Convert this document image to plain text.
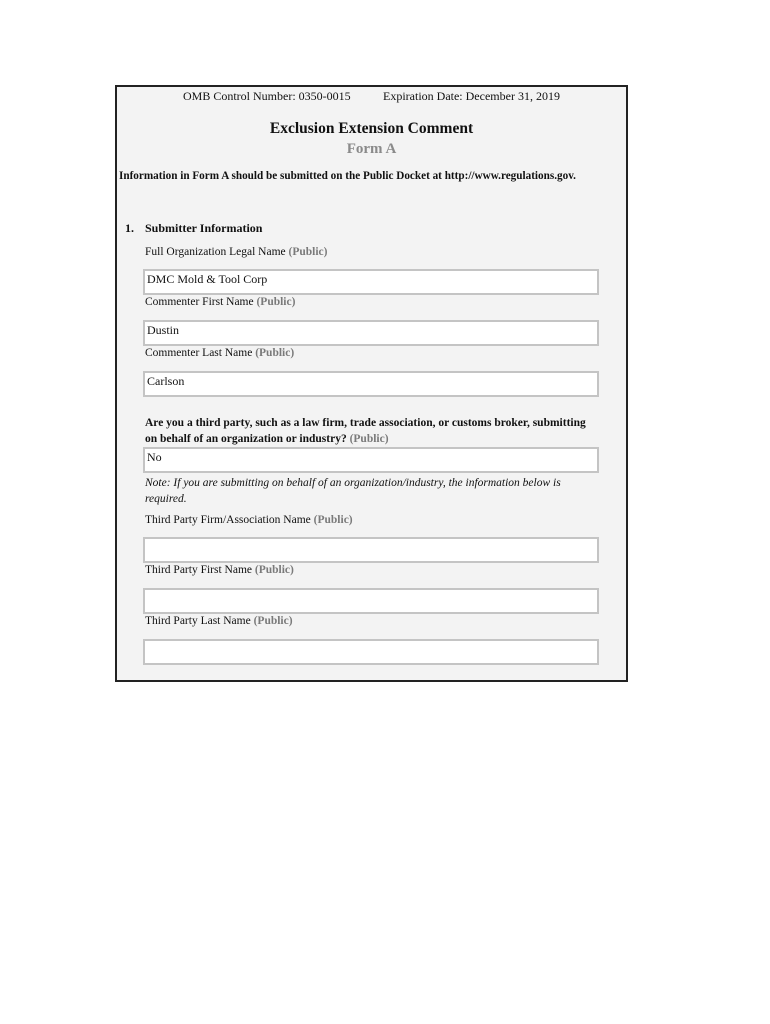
OMB Control Number: 0350-0015	Expiration Date: December 31, 2019
Exclusion Extension Comment
Form A
Information in Form A should be submitted on the Public Docket at http://www.regulations.gov.
1. Submitter Information
Full Organization Legal Name (Public)
DMC Mold & Tool Corp
Commenter First Name (Public)
Dustin
Commenter Last Name (Public)
Carlson
Are you a third party, such as a law firm, trade association, or customs broker, submitting on behalf of an organization or industry? (Public)
No
Note: If you are submitting on behalf of an organization/industry, the information below is required.
Third Party Firm/Association Name (Public)
Third Party First Name (Public)
Third Party Last Name (Public)
